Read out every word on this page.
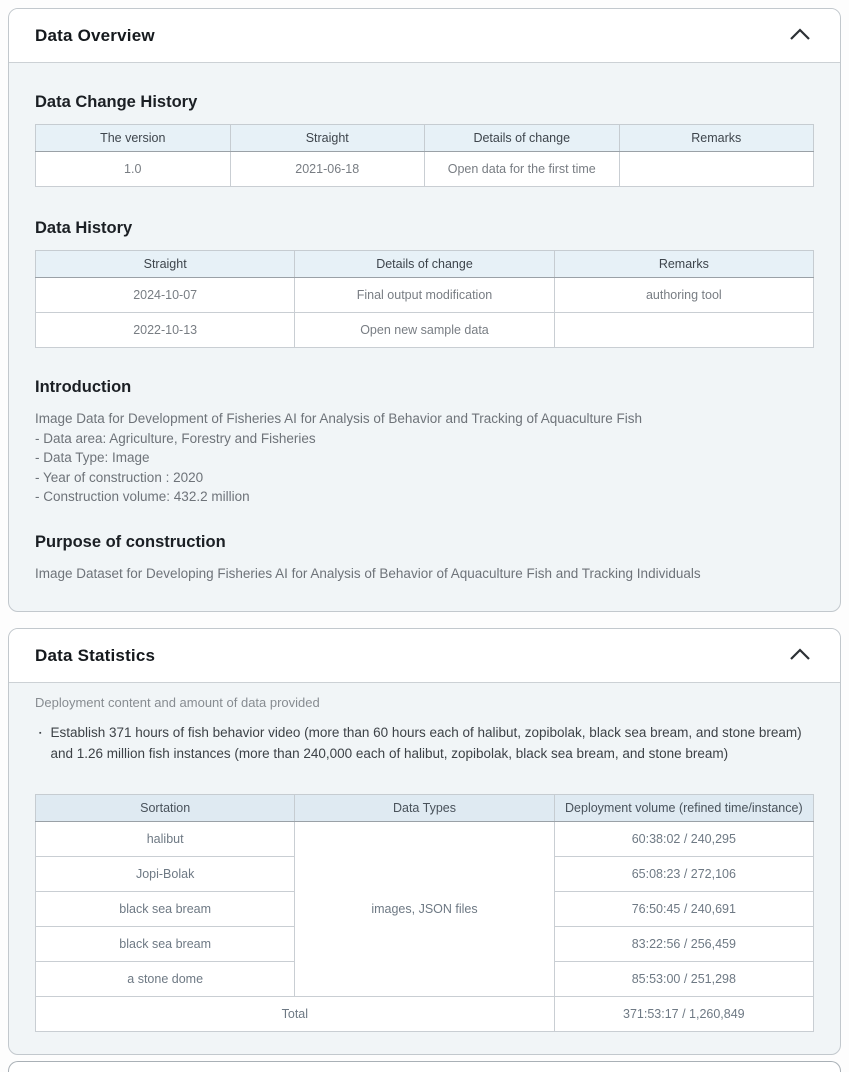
Data Overview
Data Change History
The version	Straight	Details of change	Remarks
1.0	2021-06-18	Open data for the first time	
Data History
Straight	Details of change	Remarks
2024-10-07	Final output modification	authoring tool
2022-10-13	Open new sample data	
Introduction
Image Data for Development of Fisheries AI for Analysis of Behavior and Tracking of Aquaculture Fish
- Data area: Agriculture, Forestry and Fisheries
- Data Type: Image
- Year of construction : 2020
- Construction volume: 432.2 million
Purpose of construction
Image Dataset for Developing Fisheries AI for Analysis of Behavior of Aquaculture Fish and Tracking Individuals
Data Statistics
Deployment content and amount of data provided
▪ Establish 371 hours of fish behavior video (more than 60 hours each of halibut, zopibolak, black sea bream, and stone bream) and 1.26 million fish instances (more than 240,000 each of halibut, zopibolak, black sea bream, and stone bream)
Sortation	Data Types	Deployment volume (refined time/instance)
halibut	images, JSON files	60:38:02 / 240,295
Jopi-Bolak		65:08:23 / 272,106
black sea bream		76:50:45 / 240,691
black sea bream		83:22:56 / 256,459
a stone dome		85:53:00 / 251,298
Total		371:53:17 / 1,260,849
